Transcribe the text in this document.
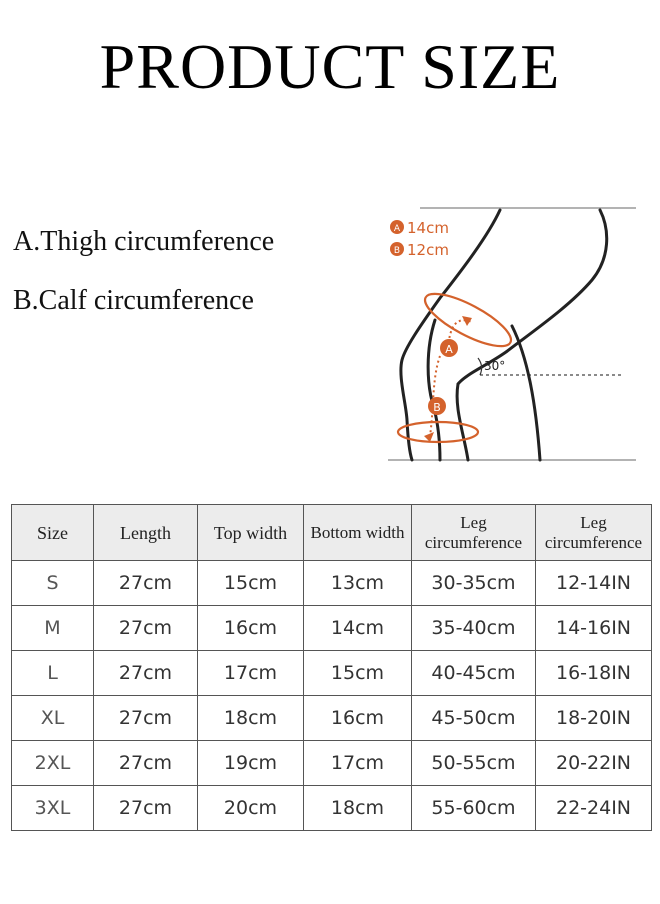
PRODUCT SIZE
A.Thigh circumference
B.Calf circumference
30°
A
B
A 14cm
B 12cm
Size	Length	Top width	Bottom width	Leg circumference	Leg circumference
S	27cm	15cm	13cm	30-35cm	12-14IN
M	27cm	16cm	14cm	35-40cm	14-16IN
L	27cm	17cm	15cm	40-45cm	16-18IN
XL	27cm	18cm	16cm	45-50cm	18-20IN
2XL	27cm	19cm	17cm	50-55cm	20-22IN
3XL	27cm	20cm	18cm	55-60cm	22-24IN
